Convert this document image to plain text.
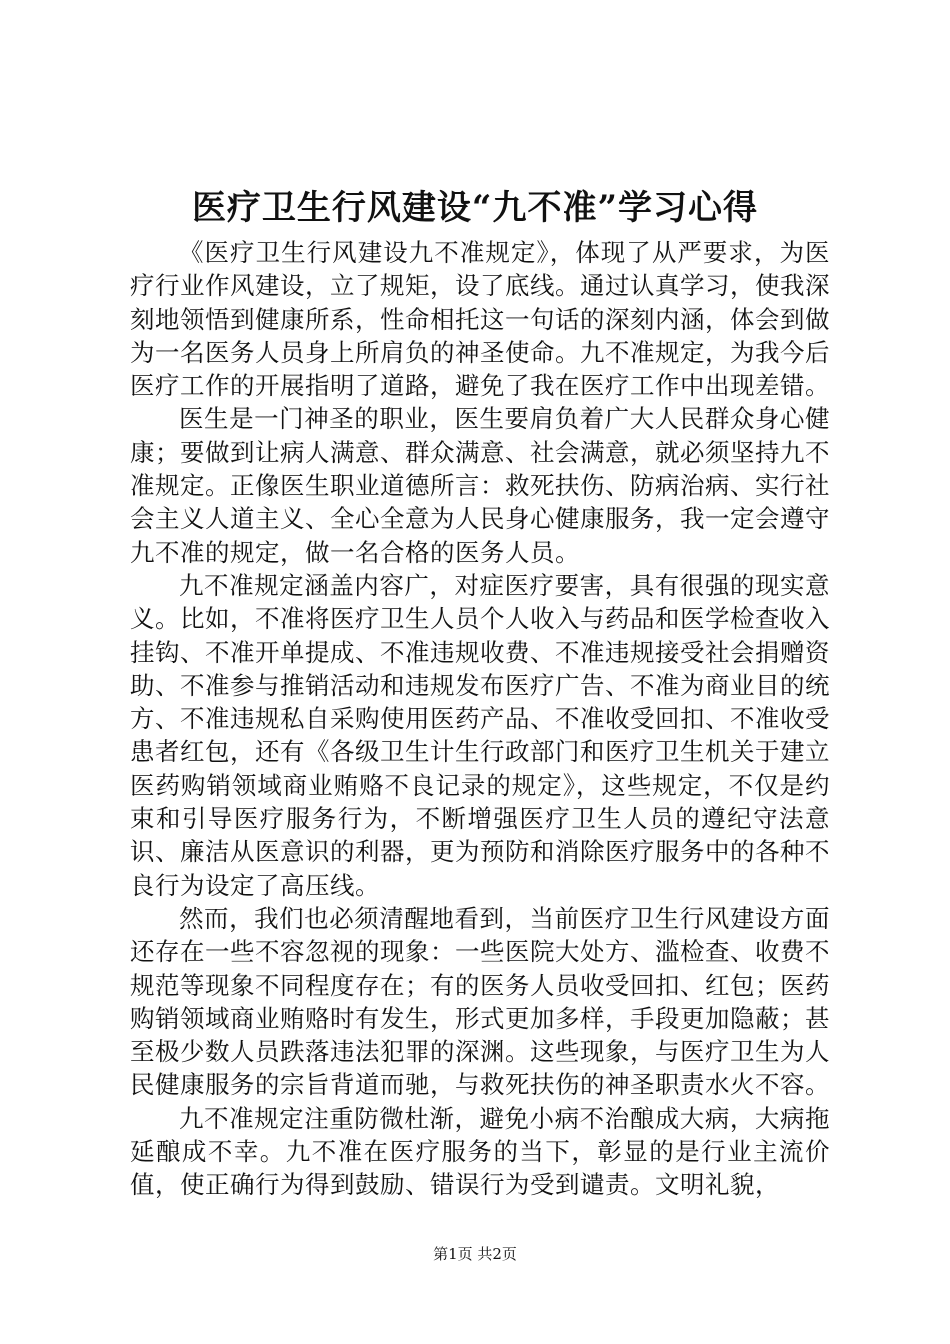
医疗卫生行风建设“九不准”学习心得

《医疗卫生行风建设九不准规定》，体现了从严要求，为医疗行业作风建设，立了规矩，设了底线。通过认真学习，使我深刻地领悟到健康所系，性命相托这一句话的深刻内涵，体会到做为一名医务人员身上所肩负的神圣使命。九不准规定，为我今后医疗工作的开展指明了道路，避免了我在医疗工作中出现差错。

医生是一门神圣的职业，医生要肩负着广大人民群众身心健康；要做到让病人满意、群众满意、社会满意，就必须坚持九不准规定。正像医生职业道德所言：救死扶伤、防病治病、实行社会主义人道主义、全心全意为人民身心健康服务，我一定会遵守九不准的规定，做一名合格的医务人员。

九不准规定涵盖内容广，对症医疗要害，具有很强的现实意义。比如，不准将医疗卫生人员个人收入与药品和医学检查收入挂钩、不准开单提成、不准违规收费、不准违规接受社会捐赠资助、不准参与推销活动和违规发布医疗广告、不准为商业目的统方、不准违规私自采购使用医药产品、不准收受回扣、不准收受患者红包，还有《各级卫生计生行政部门和医疗卫生机关于建立医药购销领域商业贿赂不良记录的规定》，这些规定，不仅是约束和引导医疗服务行为，不断增强医疗卫生人员的遵纪守法意识、廉洁从医意识的利器，更为预防和消除医疗服务中的各种不良行为设定了高压线。

然而，我们也必须清醒地看到，当前医疗卫生行风建设方面还存在一些不容忽视的现象：一些医院大处方、滥检查、收费不规范等现象不同程度存在；有的医务人员收受回扣、红包；医药购销领域商业贿赂时有发生，形式更加多样，手段更加隐蔽；甚至极少数人员跌落违法犯罪的深渊。这些现象，与医疗卫生为人民健康服务的宗旨背道而驰，与救死扶伤的神圣职责水火不容。

九不准规定注重防微杜渐，避免小病不治酿成大病，大病拖延酿成不幸。九不准在医疗服务的当下，彰显的是行业主流价值，使正确行为得到鼓励、错误行为受到谴责。文明礼貌，

第1页 共2页
